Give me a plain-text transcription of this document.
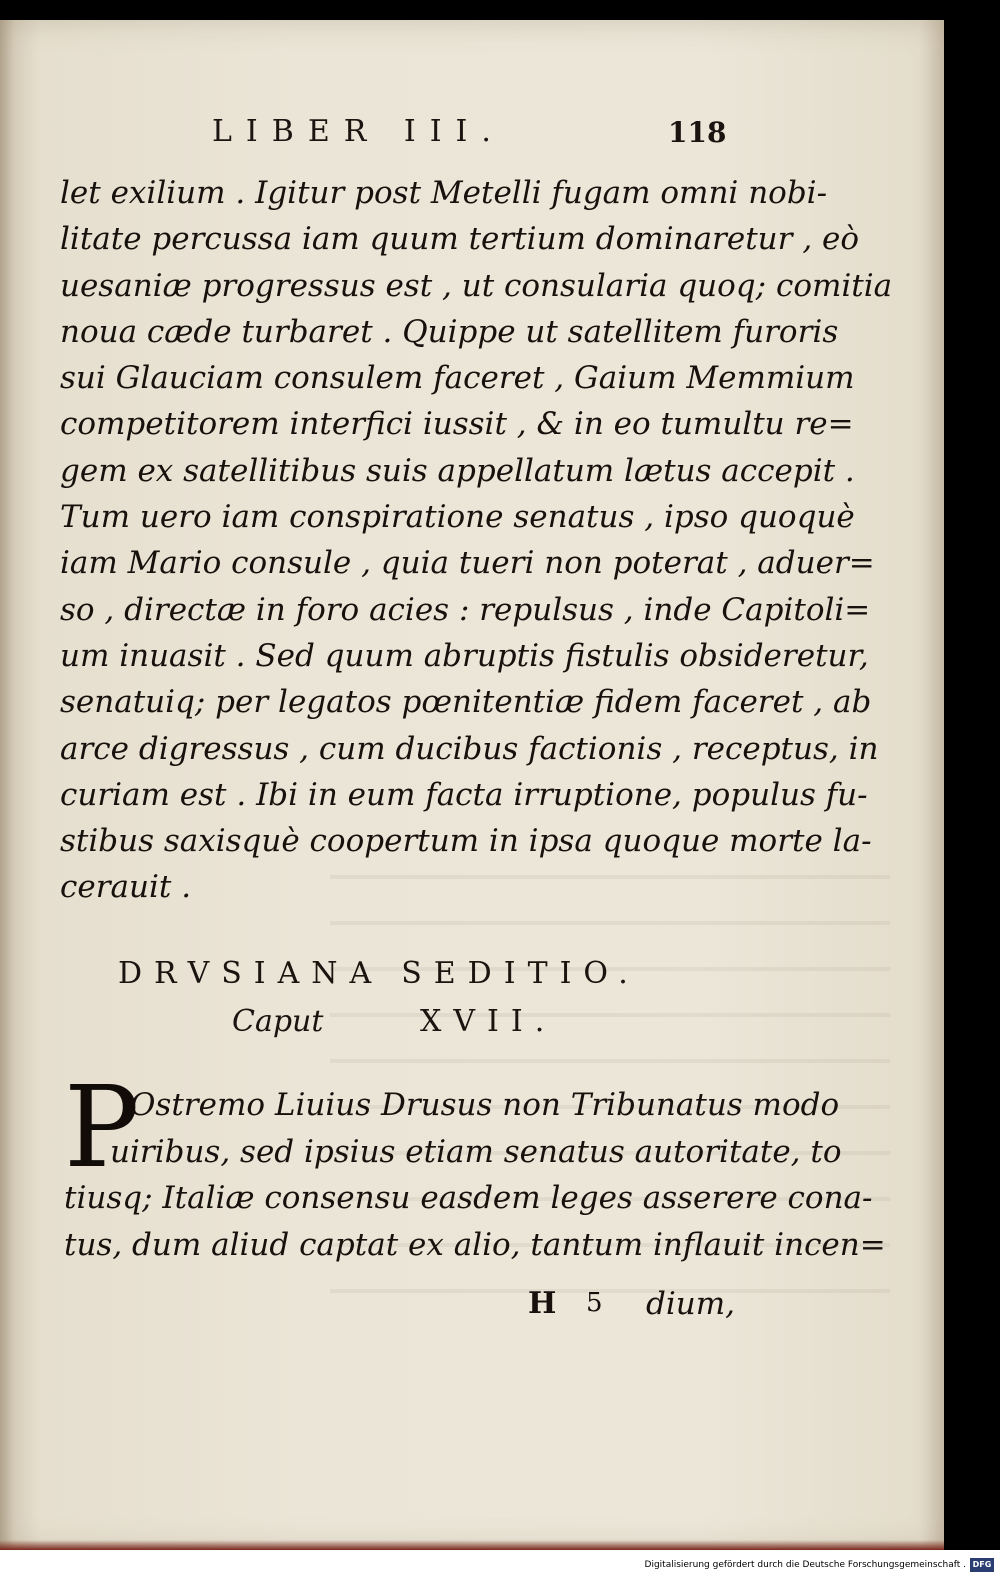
LIBER III.	118
let exilium . Igitur post Metelli fugam omni nobi-
litate percussa iam quum tertium dominaretur , eò
uesaniæ progressus est , ut consularia quoq; comitia
noua cæde turbaret . Quippe ut satellitem furoris
sui Glauciam consulem faceret , Gaium Memmium
competitorem interfici iussit , & in eo tumultu re=
gem ex satellitibus suis appellatum lætus accepit .
Tum uero iam conspiratione senatus , ipso quoquè
iam Mario consule , quia tueri non poterat , aduer=
so , directæ in foro acies : repulsus , inde Capitoli=
um inuasit . Sed quum abruptis fistulis obsideretur,
senatuiq; per legatos pœnitentiæ fidem faceret , ab
arce digressus , cum ducibus factionis , receptus, in
curiam est . Ibi in eum facta irruptione, populus fu-
stibus saxisquè coopertum in ipsa quoque morte la-
cerauit .
DRVSIANA SEDITIO.
Caput	XVII.
P
Ostremo Liuius Drusus non Tribunatus modo
uiribus, sed ipsius etiam senatus autoritate, to
tiusq; Italiæ consensu easdem leges asserere cona-
tus, dum aliud captat ex alio, tantum inflauit incen=
H 5 dium,
Digitalisierung gefördert durch die Deutsche Forschungsgemeinschaft . DFG
